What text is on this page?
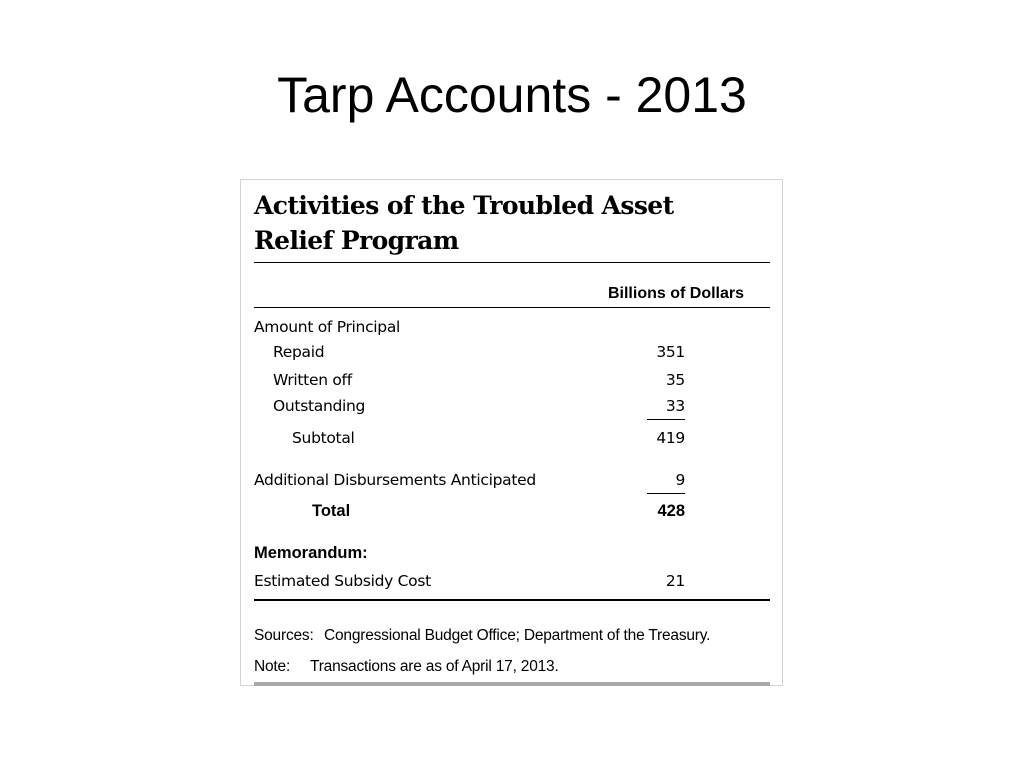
Tarp Accounts - 2013
Activities of the Troubled Asset
Relief Program
Billions of Dollars
Amount of Principal
Repaid	351
Written off	35
Outstanding	33
Subtotal	419
Additional Disbursements Anticipated	9
Total	428
Memorandum:
Estimated Subsidy Cost	21
Sources: Congressional Budget Office; Department of the Treasury.
Note: Transactions are as of April 17, 2013.
